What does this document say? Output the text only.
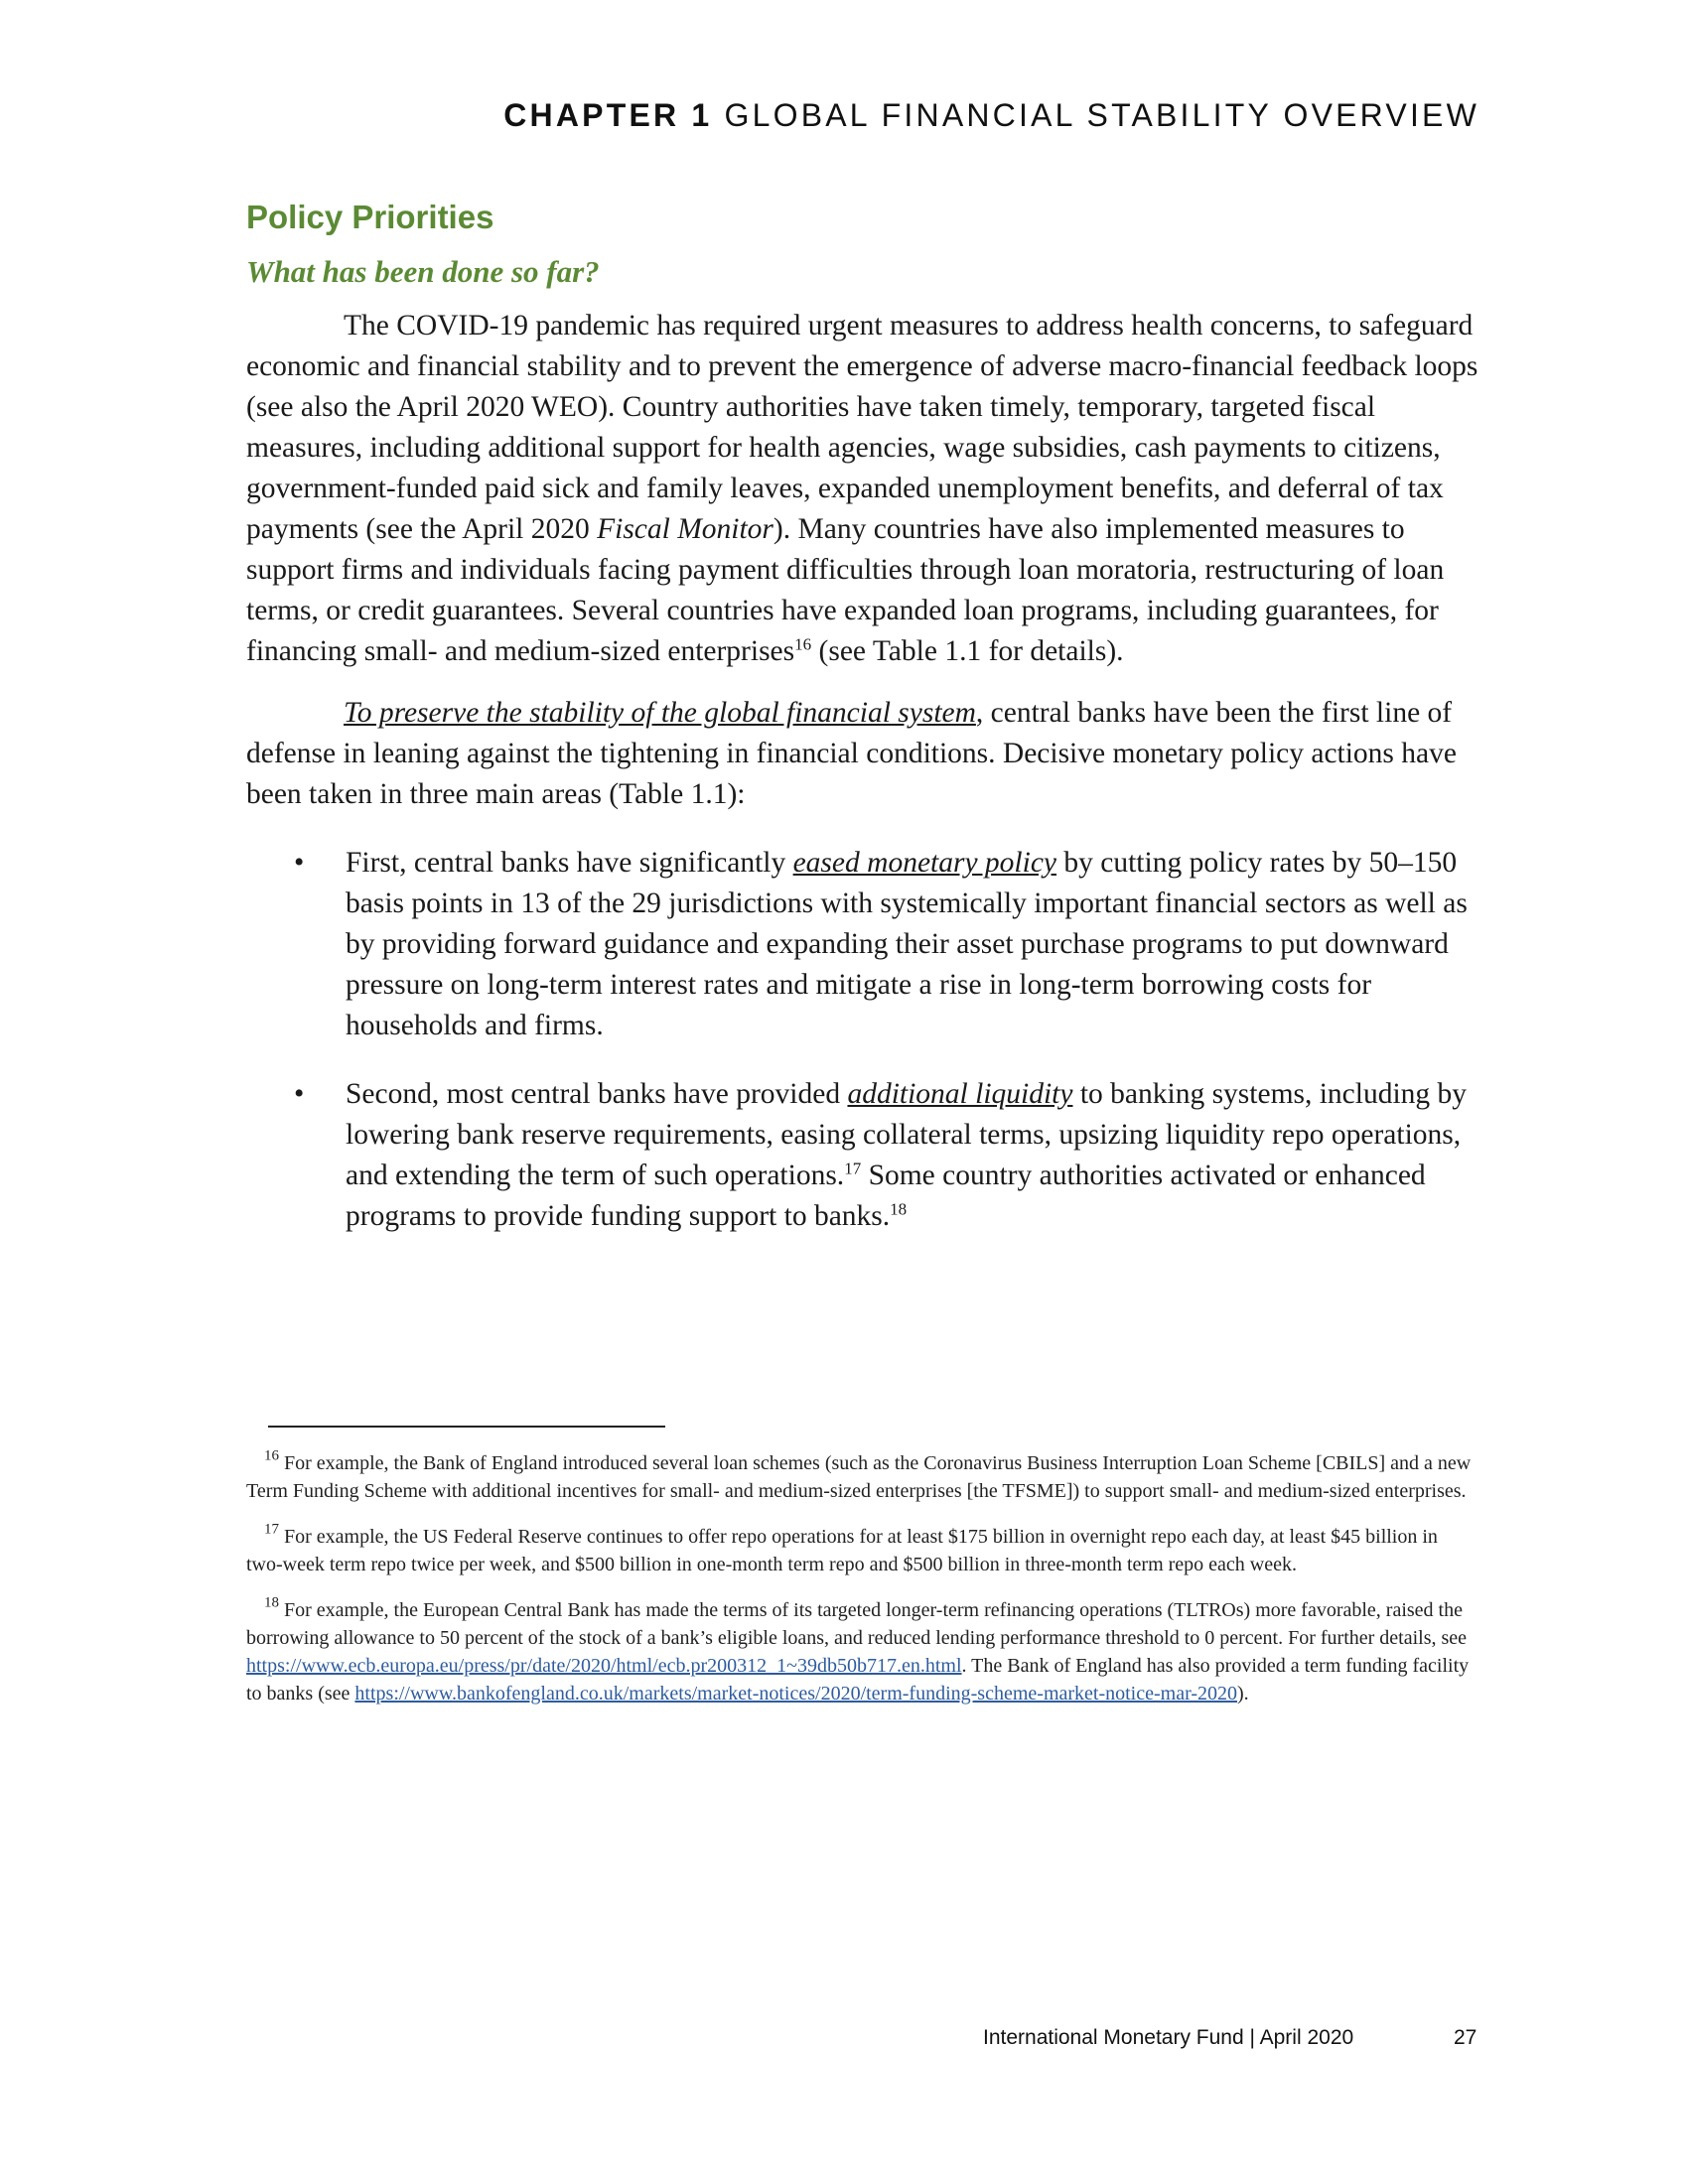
CHAPTER 1 GLOBAL FINANCIAL STABILITY OVERVIEW
Policy Priorities
What has been done so far?

The COVID-19 pandemic has required urgent measures to address health concerns, to safeguard economic and financial stability and to prevent the emergence of adverse macro-financial feedback loops (see also the April 2020 WEO). Country authorities have taken timely, temporary, targeted fiscal measures, including additional support for health agencies, wage subsidies, cash payments to citizens, government-funded paid sick and family leaves, expanded unemployment benefits, and deferral of tax payments (see the April 2020 Fiscal Monitor). Many countries have also implemented measures to support firms and individuals facing payment difficulties through loan moratoria, restructuring of loan terms, or credit guarantees. Several countries have expanded loan programs, including guarantees, for financing small- and medium-sized enterprises$^{16}$ (see Table 1.1 for details).

To preserve the stability of the global financial system, central banks have been the first line of defense in leaning against the tightening in financial conditions. Decisive monetary policy actions have been taken in three main areas (Table 1.1):

• First, central banks have significantly eased monetary policy by cutting policy rates by 50–150 basis points in 13 of the 29 jurisdictions with systemically important financial sectors as well as by providing forward guidance and expanding their asset purchase programs to put downward pressure on long-term interest rates and mitigate a rise in long-term borrowing costs for households and firms.
• Second, most central banks have provided additional liquidity to banking systems, including by lowering bank reserve requirements, easing collateral terms, upsizing liquidity repo operations, and extending the term of such operations.$^{17}$ Some country authorities activated or enhanced programs to provide funding support to banks.$^{18}$

$^{16}$ For example, the Bank of England introduced several loan schemes (such as the Coronavirus Business Interruption Loan Scheme [CBILS] and a new Term Funding Scheme with additional incentives for small- and medium-sized enterprises [the TFSME]) to support small- and medium-sized enterprises.

$^{17}$ For example, the US Federal Reserve continues to offer repo operations for at least $175 billion in overnight repo each day, at least $45 billion in two-week term repo twice per week, and $500 billion in one-month term repo and $500 billion in three-month term repo each week.

$^{18}$ For example, the European Central Bank has made the terms of its targeted longer-term refinancing operations (TLTROs) more favorable, raised the borrowing allowance to 50 percent of the stock of a bank’s eligible loans, and reduced lending performance threshold to 0 percent. For further details, see https://www.ecb.europa.eu/press/pr/date/2020/html/ecb.pr200312_1~39db50b717.en.html. The Bank of England has also provided a term funding facility to banks (see https://www.bankofengland.co.uk/markets/market-notices/2020/term-funding-scheme-market-notice-mar-2020).

International Monetary Fund | April 2020	27
